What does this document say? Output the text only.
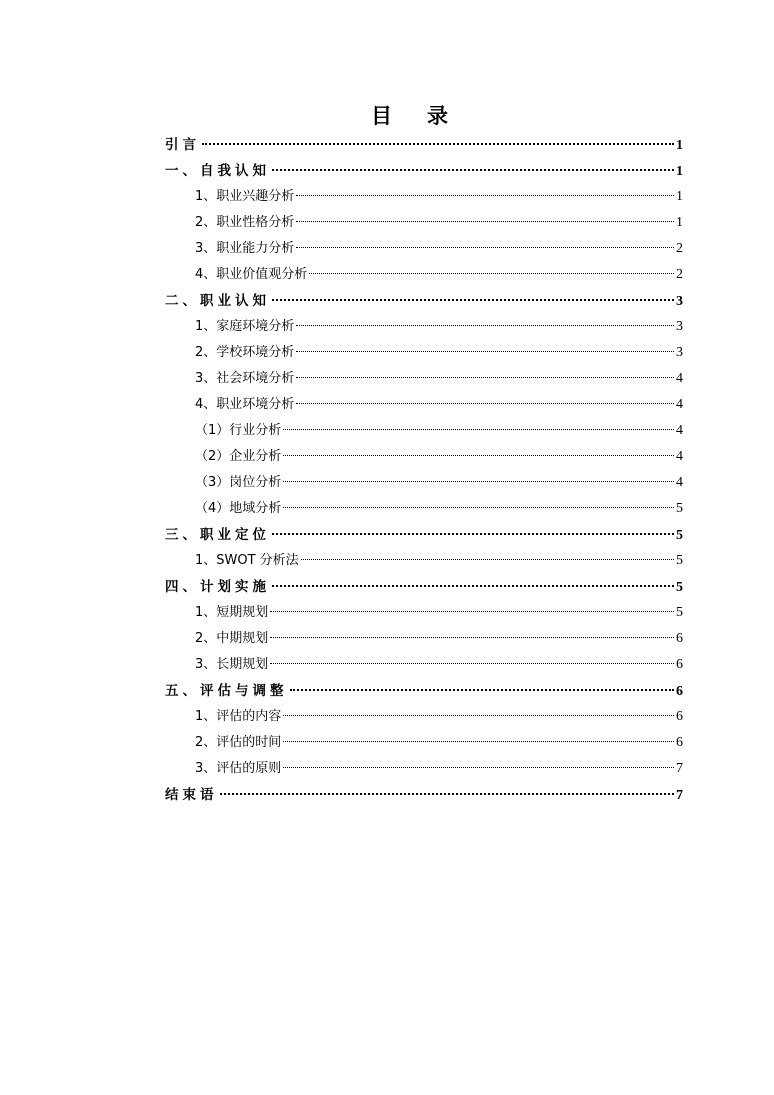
目 录
引言	1
一、自我认知	1
1、职业兴趣分析	1
2、职业性格分析	1
3、职业能力分析	2
4、职业价值观分析	2
二、职业认知	3
1、家庭环境分析	3
2、学校环境分析	3
3、社会环境分析	4
4、职业环境分析	4
（1）行业分析	4
（2）企业分析	4
（3）岗位分析	4
（4）地域分析	5
三、职业定位	5
1、SWOT 分析法	5
四、计划实施	5
1、短期规划	5
2、中期规划	6
3、长期规划	6
五、评估与调整	6
1、评估的内容	6
2、评估的时间	6
3、评估的原则	7
结束语	7
